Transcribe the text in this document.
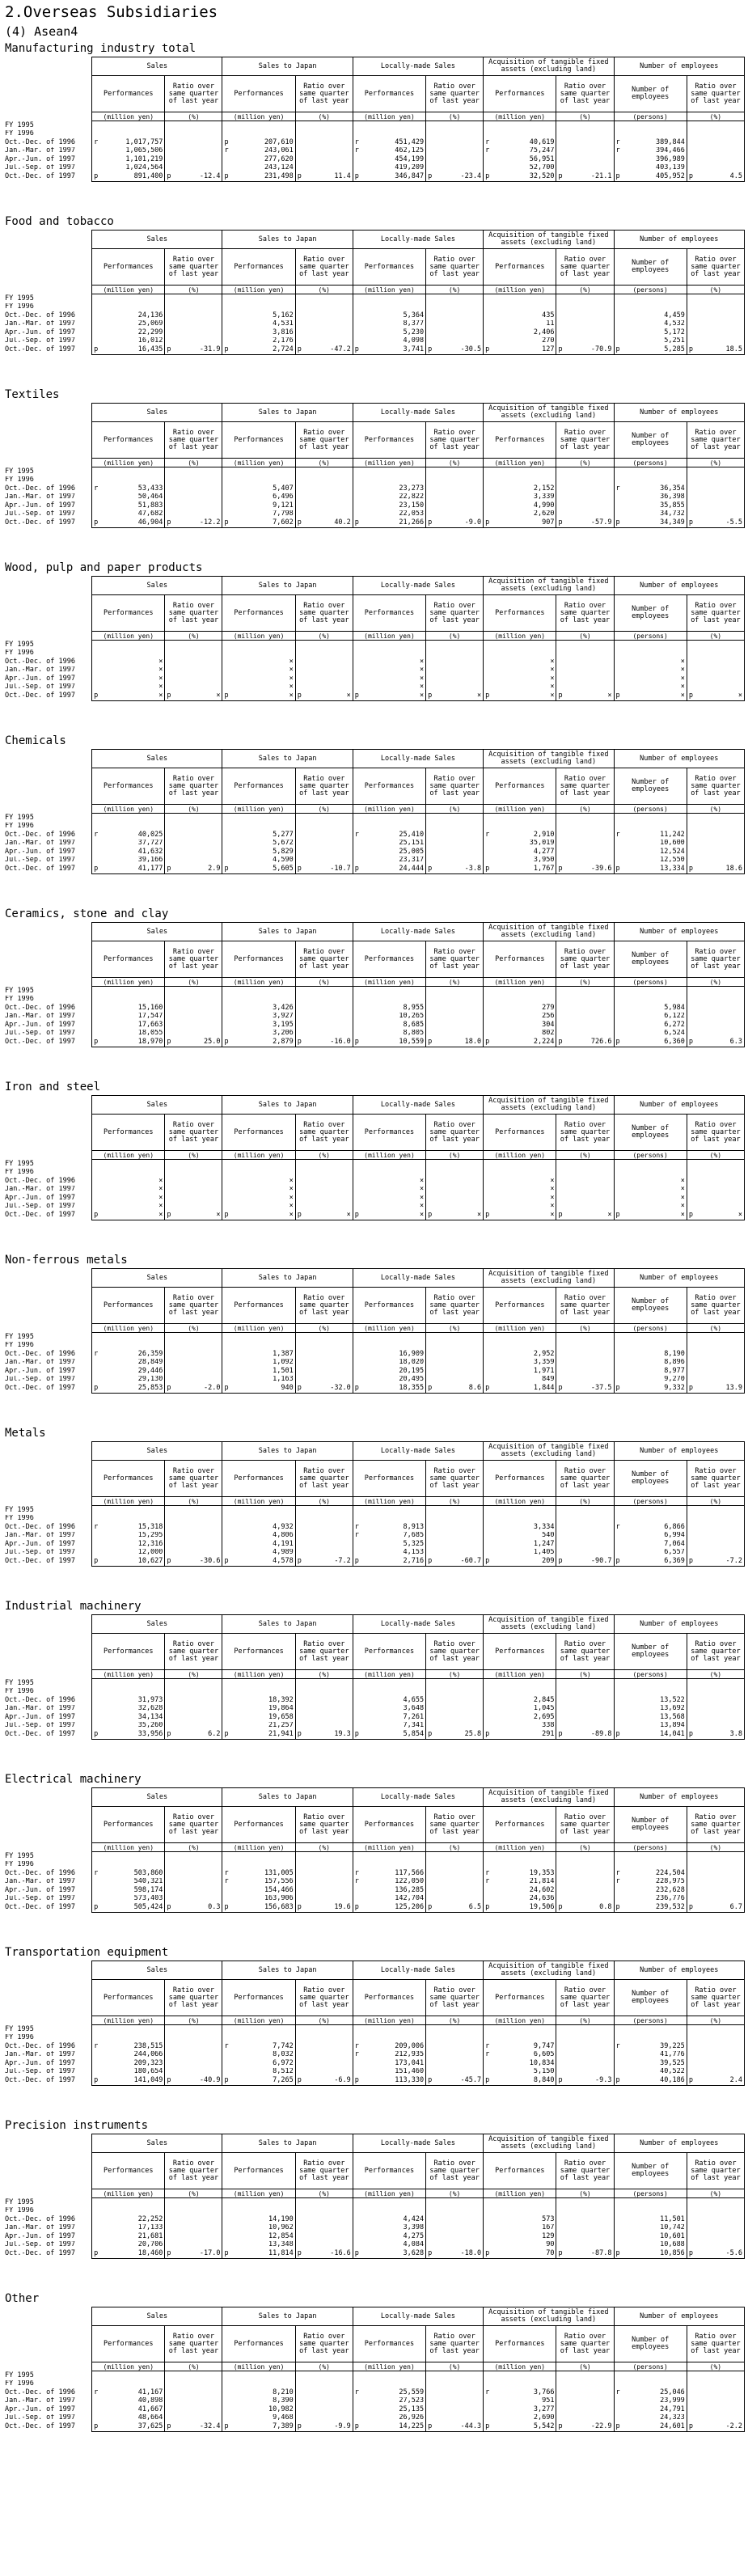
2.Overseas Subsidiaries
(4) Asean4
Manufacturing industry total
	Sales		Sales to Japan		Locally-made Sales		Acquisition of tangible fixed assets (excluding land)		Number of employees	
	Performances	Ratio over same quarter of last year	Performances	Ratio over same quarter of last year	Performances	Ratio over same quarter of last year	Performances	Ratio over same quarter of last year	Number of employees	Ratio over same quarter of last year
	(million yen)	(%)	(million yen)	(%)	(million yen)	(%)	(million yen)	(%)	(persons)	(%)
FY 1995	

FY 1996	

Oct.-Dec. of 1996	r 1,017,757		p 207,610		r 451,429		r 40,619		r 389,844	

Jan.-Mar. of 1997	1,065,506		r 243,061		r 462,125		r 75,247		r 394,466	

Apr.-Jun. of 1997	1,101,219		277,620		454,199		56,951		396,989	

Jul.-Sep. of 1997	1,024,564		243,124		419,209		52,700		403,139	

Oct.-Dec. of 1997	p 891,400	p -12.4	p 231,498	p 11.4	p 346,847	p -23.4	p 32,520	p -21.1	p 405,952	p 4.5
Food and tobacco
	Sales		Sales to Japan		Locally-made Sales		Acquisition of tangible fixed assets (excluding land)		Number of employees	
	Performances	Ratio over same quarter of last year	Performances	Ratio over same quarter of last year	Performances	Ratio over same quarter of last year	Performances	Ratio over same quarter of last year	Number of employees	Ratio over same quarter of last year
	(million yen)	(%)	(million yen)	(%)	(million yen)	(%)	(million yen)	(%)	(persons)	(%)
FY 1995	

FY 1996	

Oct.-Dec. of 1996	24,136		5,162		5,364		435		4,459	

Jan.-Mar. of 1997	25,069		4,531		8,377		11		4,532	

Apr.-Jun. of 1997	22,299		3,816		5,230		2,406		5,172	

Jul.-Sep. of 1997	16,012		2,176		4,098		270		5,251	

Oct.-Dec. of 1997	p 16,435	p -31.9	p 2,724	p -47.2	p 3,741	p -30.5	p 127	p -70.9	p 5,285	p 18.5
Textiles
	Sales		Sales to Japan		Locally-made Sales		Acquisition of tangible fixed assets (excluding land)		Number of employees	
	Performances	Ratio over same quarter of last year	Performances	Ratio over same quarter of last year	Performances	Ratio over same quarter of last year	Performances	Ratio over same quarter of last year	Number of employees	Ratio over same quarter of last year
	(million yen)	(%)	(million yen)	(%)	(million yen)	(%)	(million yen)	(%)	(persons)	(%)
FY 1995	

FY 1996	

Oct.-Dec. of 1996	r 53,433		5,407		23,273		2,152		r 36,354	

Jan.-Mar. of 1997	50,464		6,496		22,822		3,339		36,398	

Apr.-Jun. of 1997	51,883		9,121		23,150		4,990		35,855	

Jul.-Sep. of 1997	47,682		7,798		22,053		2,620		34,732	

Oct.-Dec. of 1997	p 46,904	p -12.2	p 7,602	p 40.2	p 21,266	p -9.0	p 907	p -57.9	p 34,349	p -5.5
Wood, pulp and paper products
	Sales		Sales to Japan		Locally-made Sales		Acquisition of tangible fixed assets (excluding land)		Number of employees	
	Performances	Ratio over same quarter of last year	Performances	Ratio over same quarter of last year	Performances	Ratio over same quarter of last year	Performances	Ratio over same quarter of last year	Number of employees	Ratio over same quarter of last year
	(million yen)	(%)	(million yen)	(%)	(million yen)	(%)	(million yen)	(%)	(persons)	(%)
FY 1995	

FY 1996	

Oct.-Dec. of 1996	×		×		×		×		×	

Jan.-Mar. of 1997	×		×		×		×		×	

Apr.-Jun. of 1997	×		×		×		×		×	

Jul.-Sep. of 1997	×		×		×		×		×	

Oct.-Dec. of 1997	p ×	p ×	p ×	p ×	p ×	p ×	p ×	p ×	p ×	p ×
Chemicals
	Sales		Sales to Japan		Locally-made Sales		Acquisition of tangible fixed assets (excluding land)		Number of employees	
	Performances	Ratio over same quarter of last year	Performances	Ratio over same quarter of last year	Performances	Ratio over same quarter of last year	Performances	Ratio over same quarter of last year	Number of employees	Ratio over same quarter of last year
	(million yen)	(%)	(million yen)	(%)	(million yen)	(%)	(million yen)	(%)	(persons)	(%)
FY 1995	

FY 1996	

Oct.-Dec. of 1996	r 40,025		5,277		r 25,410		r 2,910		r 11,242	

Jan.-Mar. of 1997	37,727		5,672		25,151		35,019		10,600	

Apr.-Jun. of 1997	41,632		5,829		25,005		4,277		12,524	

Jul.-Sep. of 1997	39,166		4,590		23,317		3,950		12,550	

Oct.-Dec. of 1997	p 41,177	p 2.9	p 5,605	p -10.7	p 24,444	p -3.8	p 1,767	p -39.6	p 13,334	p 18.6
Ceramics, stone and clay
	Sales		Sales to Japan		Locally-made Sales		Acquisition of tangible fixed assets (excluding land)		Number of employees	
	Performances	Ratio over same quarter of last year	Performances	Ratio over same quarter of last year	Performances	Ratio over same quarter of last year	Performances	Ratio over same quarter of last year	Number of employees	Ratio over same quarter of last year
	(million yen)	(%)	(million yen)	(%)	(million yen)	(%)	(million yen)	(%)	(persons)	(%)
FY 1995	

FY 1996	

Oct.-Dec. of 1996	15,160		3,426		8,955		279		5,984	

Jan.-Mar. of 1997	17,547		3,927		10,265		256		6,122	

Apr.-Jun. of 1997	17,663		3,195		8,685		304		6,272	

Jul.-Sep. of 1997	18,055		3,206		8,805		802		6,524	

Oct.-Dec. of 1997	p 18,970	p 25.0	p 2,879	p -16.0	p 10,559	p 18.0	p 2,224	p 726.6	p 6,360	p 6.3
Iron and steel
	Sales		Sales to Japan		Locally-made Sales		Acquisition of tangible fixed assets (excluding land)		Number of employees	
	Performances	Ratio over same quarter of last year	Performances	Ratio over same quarter of last year	Performances	Ratio over same quarter of last year	Performances	Ratio over same quarter of last year	Number of employees	Ratio over same quarter of last year
	(million yen)	(%)	(million yen)	(%)	(million yen)	(%)	(million yen)	(%)	(persons)	(%)
FY 1995	

FY 1996	

Oct.-Dec. of 1996	×		×		×		×		×	

Jan.-Mar. of 1997	×		×		×		×		×	

Apr.-Jun. of 1997	×		×		×		×		×	

Jul.-Sep. of 1997	×		×		×		×		×	

Oct.-Dec. of 1997	p ×	p ×	p ×	p ×	p ×	p ×	p ×	p ×	p ×	p ×
Non-ferrous metals
	Sales		Sales to Japan		Locally-made Sales		Acquisition of tangible fixed assets (excluding land)		Number of employees	
	Performances	Ratio over same quarter of last year	Performances	Ratio over same quarter of last year	Performances	Ratio over same quarter of last year	Performances	Ratio over same quarter of last year	Number of employees	Ratio over same quarter of last year
	(million yen)	(%)	(million yen)	(%)	(million yen)	(%)	(million yen)	(%)	(persons)	(%)
FY 1995	

FY 1996	

Oct.-Dec. of 1996	r 26,359		1,387		16,909		2,952		8,190	

Jan.-Mar. of 1997	28,849		1,092		18,020		3,359		8,896	

Apr.-Jun. of 1997	29,446		1,501		20,195		1,971		8,977	

Jul.-Sep. of 1997	29,130		1,163		20,495		849		9,270	

Oct.-Dec. of 1997	p 25,853	p -2.0	p 940	p -32.0	p 18,355	p 8.6	p 1,844	p -37.5	p 9,332	p 13.9
Metals
	Sales		Sales to Japan		Locally-made Sales		Acquisition of tangible fixed assets (excluding land)		Number of employees	
	Performances	Ratio over same quarter of last year	Performances	Ratio over same quarter of last year	Performances	Ratio over same quarter of last year	Performances	Ratio over same quarter of last year	Number of employees	Ratio over same quarter of last year
	(million yen)	(%)	(million yen)	(%)	(million yen)	(%)	(million yen)	(%)	(persons)	(%)
FY 1995	

FY 1996	

Oct.-Dec. of 1996	r 15,318		4,932		r 8,913		3,334		r 6,866	

Jan.-Mar. of 1997	15,295		4,806		r 7,685		540		6,994	

Apr.-Jun. of 1997	12,316		4,191		5,325		1,247		7,064	

Jul.-Sep. of 1997	12,000		4,989		4,153		1,405		6,557	

Oct.-Dec. of 1997	p 10,627	p -30.6	p 4,578	p -7.2	p 2,716	p -60.7	p 209	p -90.7	p 6,369	p -7.2
Industrial machinery
	Sales		Sales to Japan		Locally-made Sales		Acquisition of tangible fixed assets (excluding land)		Number of employees	
	Performances	Ratio over same quarter of last year	Performances	Ratio over same quarter of last year	Performances	Ratio over same quarter of last year	Performances	Ratio over same quarter of last year	Number of employees	Ratio over same quarter of last year
	(million yen)	(%)	(million yen)	(%)	(million yen)	(%)	(million yen)	(%)	(persons)	(%)
FY 1995	

FY 1996	

Oct.-Dec. of 1996	31,973		18,392		4,655		2,845		13,522	

Jan.-Mar. of 1997	32,628		19,864		3,648		1,045		13,692	

Apr.-Jun. of 1997	34,134		19,658		7,261		2,695		13,568	

Jul.-Sep. of 1997	35,260		21,257		7,341		338		13,894	

Oct.-Dec. of 1997	p 33,956	p 6.2	p 21,941	p 19.3	p 5,854	p 25.8	p 291	p -89.8	p 14,041	p 3.8
Electrical machinery
	Sales		Sales to Japan		Locally-made Sales		Acquisition of tangible fixed assets (excluding land)		Number of employees	
	Performances	Ratio over same quarter of last year	Performances	Ratio over same quarter of last year	Performances	Ratio over same quarter of last year	Performances	Ratio over same quarter of last year	Number of employees	Ratio over same quarter of last year
	(million yen)	(%)	(million yen)	(%)	(million yen)	(%)	(million yen)	(%)	(persons)	(%)
FY 1995	

FY 1996	

Oct.-Dec. of 1996	r 503,860		r 131,005		r 117,566		r 19,353		r 224,504	

Jan.-Mar. of 1997	540,321		r 157,556		r 122,050		r 21,814		r 228,975	

Apr.-Jun. of 1997	598,174		154,466		136,285		24,602		232,628	

Jul.-Sep. of 1997	573,403		163,906		142,704		24,636		236,776	

Oct.-Dec. of 1997	p 505,424	p 0.3	p 156,683	p 19.6	p 125,206	p 6.5	p 19,506	p 0.8	p 239,532	p 6.7
Transportation equipment
	Sales		Sales to Japan		Locally-made Sales		Acquisition of tangible fixed assets (excluding land)		Number of employees	
	Performances	Ratio over same quarter of last year	Performances	Ratio over same quarter of last year	Performances	Ratio over same quarter of last year	Performances	Ratio over same quarter of last year	Number of employees	Ratio over same quarter of last year
	(million yen)	(%)	(million yen)	(%)	(million yen)	(%)	(million yen)	(%)	(persons)	(%)
FY 1995	

FY 1996	

Oct.-Dec. of 1996	r 238,515		r 7,742		r 209,006		r 9,747		r 39,225	

Jan.-Mar. of 1997	244,066		8,032		r 212,935		r 6,605		41,776	

Apr.-Jun. of 1997	209,323		6,972		173,041		10,834		39,525	

Jul.-Sep. of 1997	180,654		8,512		151,460		5,150		40,522	

Oct.-Dec. of 1997	p 141,049	p -40.9	p 7,265	p -6.9	p 113,330	p -45.7	p 8,840	p -9.3	p 40,186	p 2.4
Precision instruments
	Sales		Sales to Japan		Locally-made Sales		Acquisition of tangible fixed assets (excluding land)		Number of employees	
	Performances	Ratio over same quarter of last year	Performances	Ratio over same quarter of last year	Performances	Ratio over same quarter of last year	Performances	Ratio over same quarter of last year	Number of employees	Ratio over same quarter of last year
	(million yen)	(%)	(million yen)	(%)	(million yen)	(%)	(million yen)	(%)	(persons)	(%)
FY 1995	

FY 1996	

Oct.-Dec. of 1996	22,252		14,190		4,424		573		11,501	

Jan.-Mar. of 1997	17,133		10,962		3,398		167		10,742	

Apr.-Jun. of 1997	21,681		12,854		4,275		129		10,601	

Jul.-Sep. of 1997	20,706		13,348		4,084		90		10,688	

Oct.-Dec. of 1997	p 18,460	p -17.0	p 11,814	p -16.6	p 3,628	p -18.0	p 70	p -87.8	p 10,856	p -5.6
Other
	Sales		Sales to Japan		Locally-made Sales		Acquisition of tangible fixed assets (excluding land)		Number of employees	
	Performances	Ratio over same quarter of last year	Performances	Ratio over same quarter of last year	Performances	Ratio over same quarter of last year	Performances	Ratio over same quarter of last year	Number of employees	Ratio over same quarter of last year
	(million yen)	(%)	(million yen)	(%)	(million yen)	(%)	(million yen)	(%)	(persons)	(%)
FY 1995	

FY 1996	

Oct.-Dec. of 1996	r 41,167		8,210		r 25,559		r 3,766		r 25,046	

Jan.-Mar. of 1997	40,898		8,390		27,523		951		23,999	

Apr.-Jun. of 1997	41,667		10,982		25,135		3,277		24,791	

Jul.-Sep. of 1997	48,664		9,468		26,926		2,690		24,323	

Oct.-Dec. of 1997	p 37,625	p -32.4	p 7,389	p -9.9	p 14,225	p -44.3	p 5,542	p -22.9	p 24,601	p -2.2
